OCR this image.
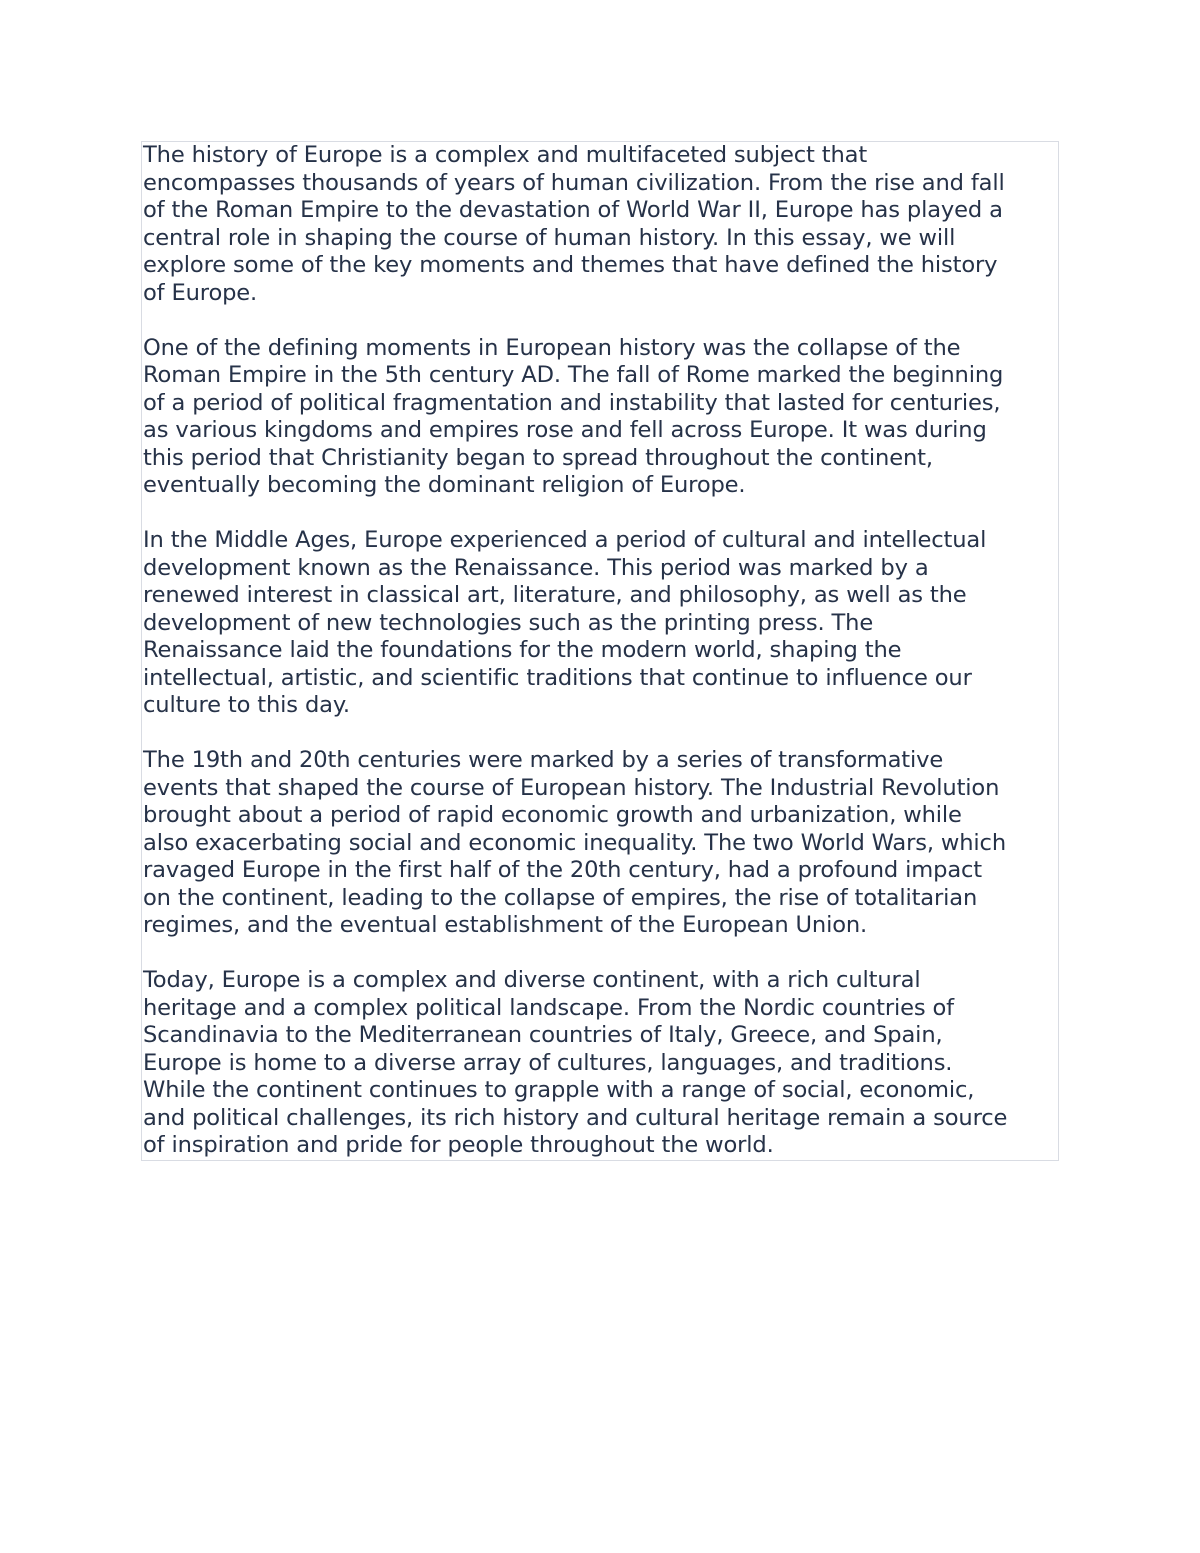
The history of Europe is a complex and multifaceted subject that
encompasses thousands of years of human civilization. From the rise and fall
of the Roman Empire to the devastation of World War II, Europe has played a
central role in shaping the course of human history. In this essay, we will
explore some of the key moments and themes that have defined the history
of Europe.

One of the defining moments in European history was the collapse of the
Roman Empire in the 5th century AD. The fall of Rome marked the beginning
of a period of political fragmentation and instability that lasted for centuries,
as various kingdoms and empires rose and fell across Europe. It was during
this period that Christianity began to spread throughout the continent,
eventually becoming the dominant religion of Europe.

In the Middle Ages, Europe experienced a period of cultural and intellectual
development known as the Renaissance. This period was marked by a
renewed interest in classical art, literature, and philosophy, as well as the
development of new technologies such as the printing press. The
Renaissance laid the foundations for the modern world, shaping the
intellectual, artistic, and scientific traditions that continue to influence our
culture to this day.

The 19th and 20th centuries were marked by a series of transformative
events that shaped the course of European history. The Industrial Revolution
brought about a period of rapid economic growth and urbanization, while
also exacerbating social and economic inequality. The two World Wars, which
ravaged Europe in the first half of the 20th century, had a profound impact
on the continent, leading to the collapse of empires, the rise of totalitarian
regimes, and the eventual establishment of the European Union.

Today, Europe is a complex and diverse continent, with a rich cultural
heritage and a complex political landscape. From the Nordic countries of
Scandinavia to the Mediterranean countries of Italy, Greece, and Spain,
Europe is home to a diverse array of cultures, languages, and traditions.
While the continent continues to grapple with a range of social, economic,
and political challenges, its rich history and cultural heritage remain a source
of inspiration and pride for people throughout the world.
